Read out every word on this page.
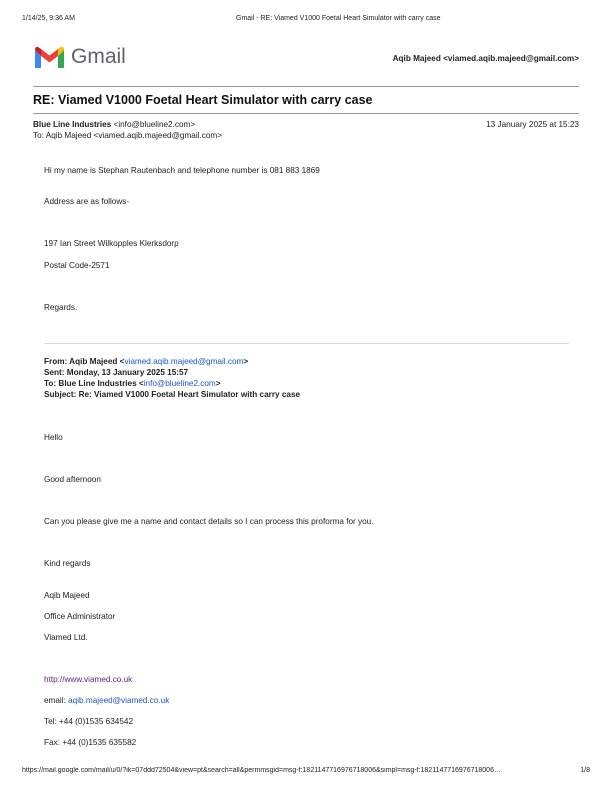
1/14/25, 9:36 AM	Gmail - RE: Viamed V1000 Foetal Heart Simulator with carry case
Gmail	Aqib Majeed <viamed.aqib.majeed@gmail.com>
RE: Viamed V1000 Foetal Heart Simulator with carry case
Blue Line Industries <info@blueline2.com>	13 January 2025 at 15:23
To: Aqib Majeed <viamed.aqib.majeed@gmail.com>
Hi my name is Stephan Rautenbach and telephone number is 081 883 1869
Address are as follows-
197 Ian Street Wilkopples Klerksdorp
Postal Code-2571
Regards.
From: Aqib Majeed <viamed.aqib.majeed@gmail.com>
Sent: Monday, 13 January 2025 15:57
To: Blue Line Industries <info@blueline2.com>
Subject: Re: Viamed V1000 Foetal Heart Simulator with carry case
Hello
Good afternoon
Can you please give me a name and contact details so I can process this proforma for you.
Kind regards
Aqib Majeed
Office Administrator
Viamed Ltd.
http://www.viamed.co.uk
email: aqib.majeed@viamed.co.uk
Tel: +44 (0)1535 634542
Fax: +44 (0)1535 635582
https://mail.google.com/mail/u/0/?ik=07ddd72504&view=pt&search=all&permmsgid=msg-f:1821147716976718006&simpl=msg-f:1821147716976718006…	1/8
